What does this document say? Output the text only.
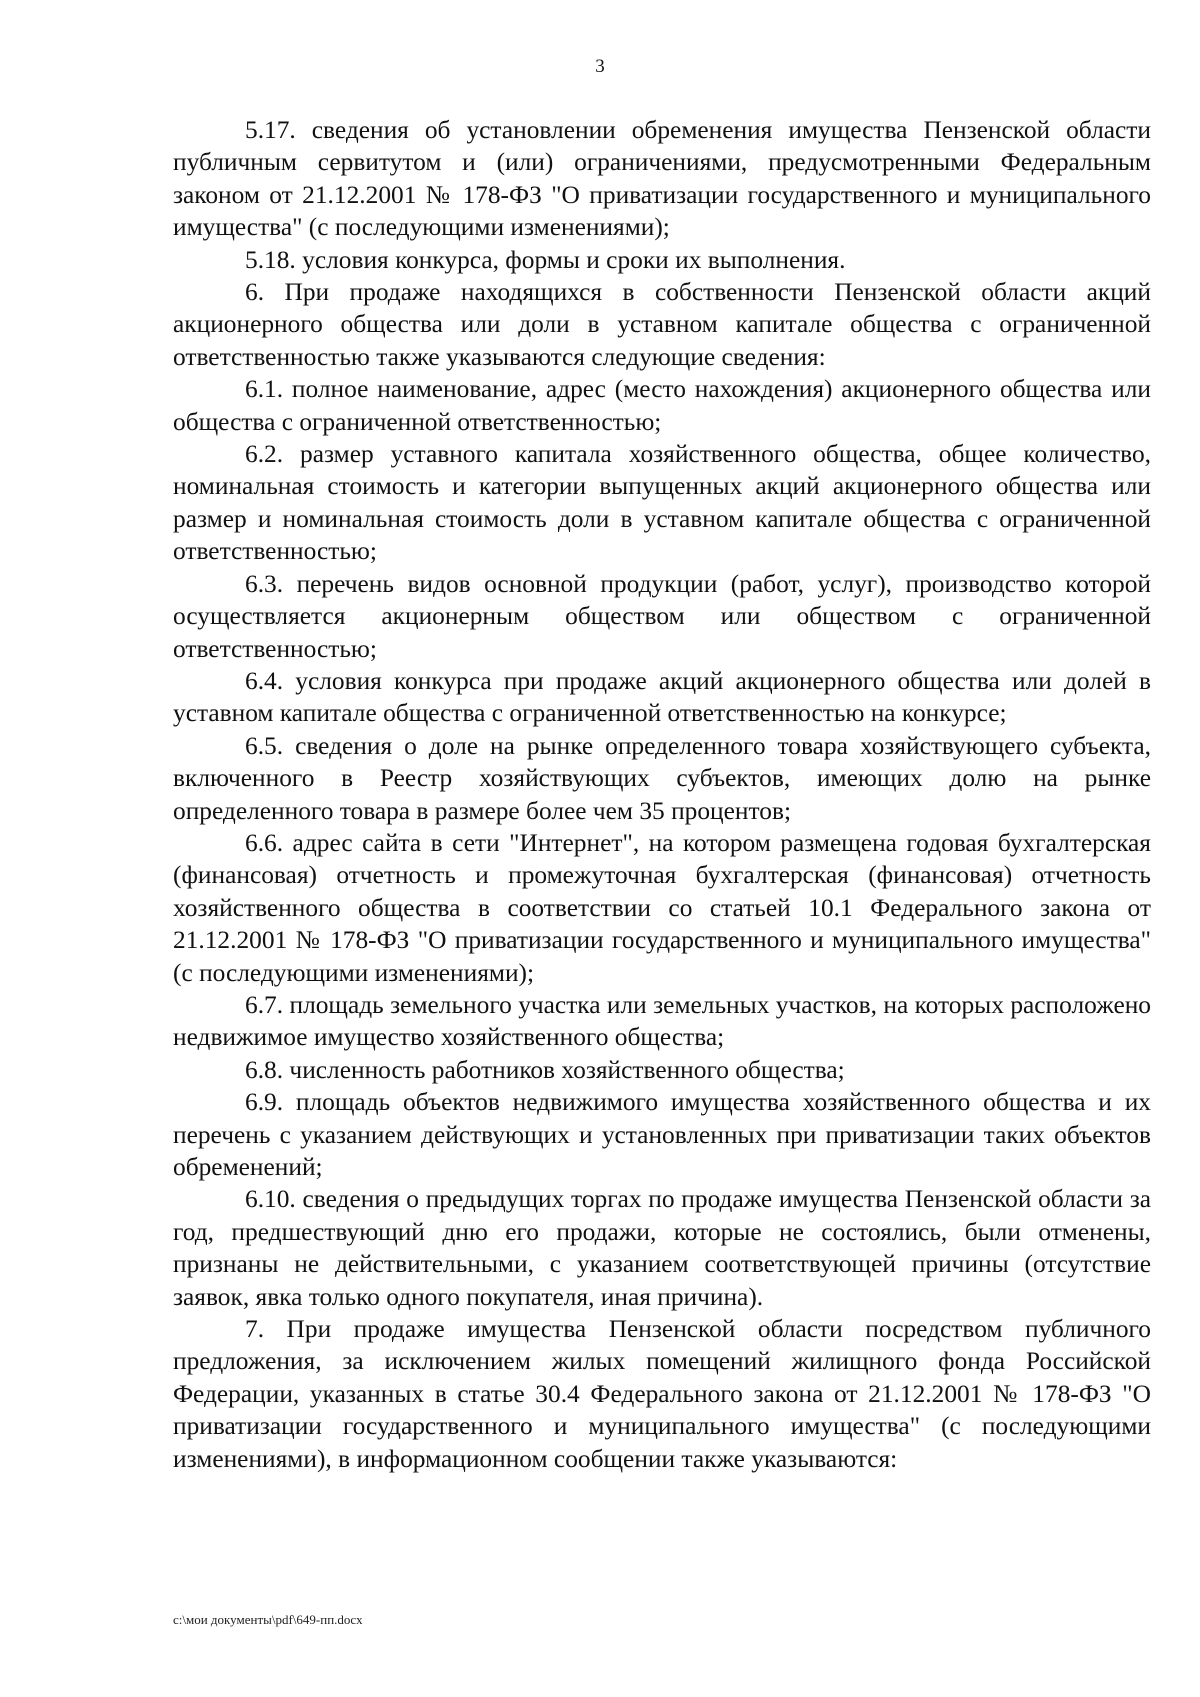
3

5.17. сведения об установлении обременения имущества Пензенской области публичным сервитутом и (или) ограничениями, предусмотренными Федеральным законом от 21.12.2001 № 178-ФЗ "О приватизации государственного и муниципального имущества" (с последующими изменениями);

5.18. условия конкурса, формы и сроки их выполнения.

6. При продаже находящихся в собственности Пензенской области акций акционерного общества или доли в уставном капитале общества с ограниченной ответственностью также указываются следующие сведения:

6.1. полное наименование, адрес (место нахождения) акционерного общества или общества с ограниченной ответственностью;

6.2. размер уставного капитала хозяйственного общества, общее количество, номинальная стоимость и категории выпущенных акций акционерного общества или размер и номинальная стоимость доли в уставном капитале общества с ограниченной ответственностью;

6.3. перечень видов основной продукции (работ, услуг), производство которой осуществляется акционерным обществом или обществом с ограниченной ответственностью;

6.4. условия конкурса при продаже акций акционерного общества или долей в уставном капитале общества с ограниченной ответственностью на конкурсе;

6.5. сведения о доле на рынке определенного товара хозяйствующего субъекта, включенного в Реестр хозяйствующих субъектов, имеющих долю на рынке определенного товара в размере более чем 35 процентов;

6.6. адрес сайта в сети "Интернет", на котором размещена годовая бухгалтерская (финансовая) отчетность и промежуточная бухгалтерская (финансовая) отчетность хозяйственного общества в соответствии со статьей 10.1 Федерального закона от 21.12.2001 № 178-ФЗ "О приватизации государственного и муниципального имущества" (с последующими изменениями);

6.7. площадь земельного участка или земельных участков, на которых расположено недвижимое имущество хозяйственного общества;

6.8. численность работников хозяйственного общества;

6.9. площадь объектов недвижимого имущества хозяйственного общества и их перечень с указанием действующих и установленных при приватизации таких объектов обременений;

6.10. сведения о предыдущих торгах по продаже имущества Пензенской области за год, предшествующий дню его продажи, которые не состоялись, были отменены, признаны не действительными, с указанием соответствующей причины (отсутствие заявок, явка только одного покупателя, иная причина).

7. При продаже имущества Пензенской области посредством публичного предложения, за исключением жилых помещений жилищного фонда Российской Федерации, указанных в статье 30.4 Федерального закона от 21.12.2001 № 178-ФЗ "О приватизации государственного и муниципального имущества" (с последующими изменениями), в информационном сообщении также указываются:

c:\мои документы\pdf\649-пп.docx
